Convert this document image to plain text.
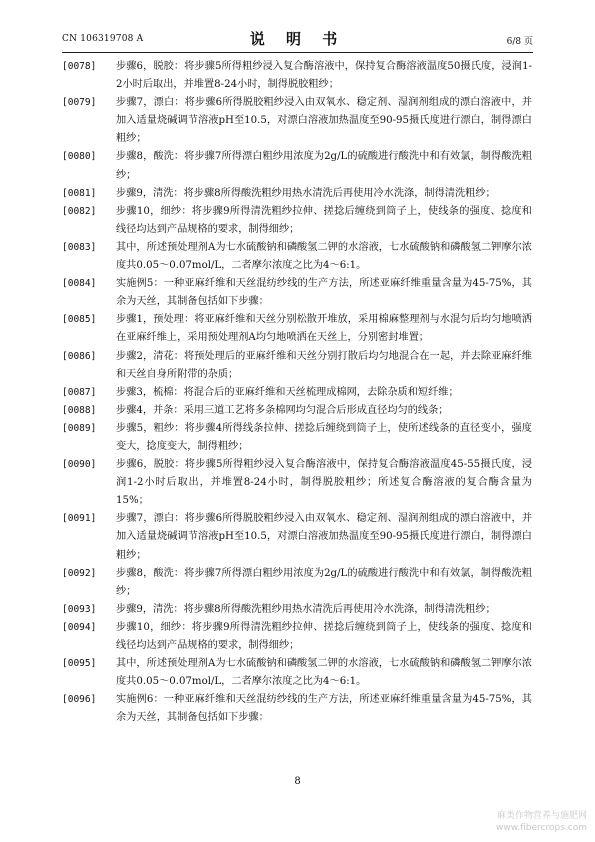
CN 106319708 A	说 明 书	6/8 页
[0078]	步骤6，脱胶：将步骤5所得粗纱浸入复合酶溶液中，保持复合酶溶液温度50摄氏度，浸润1-2小时后取出，并堆置8-24小时，制得脱胶粗纱；
[0079]	步骤7，漂白：将步骤6所得脱胶粗纱浸入由双氧水、稳定剂、湿润剂组成的漂白溶液中，并加入适量烧碱调节溶液pH至10.5，对漂白溶液加热温度至90-95摄氏度进行漂白，制得漂白粗纱；
[0080]	步骤8，酸洗：将步骤7所得漂白粗纱用浓度为2g/L的硫酸进行酸洗中和有效氯，制得酸洗粗纱；
[0081]	步骤9，清洗：将步骤8所得酸洗粗纱用热水清洗后再使用冷水洗涤，制得清洗粗纱；
[0082]	步骤10，细纱：将步骤9所得清洗粗纱拉伸、搓捻后缠绕到筒子上，使线条的强度、捻度和线径均达到产品规格的要求，制得细纱；
[0083]	其中，所述预处理剂A为七水硫酸钠和磷酸氢二钾的水溶液，七水硫酸钠和磷酸氢二钾摩尔浓度共0.05～0.07mol/L，二者摩尔浓度之比为4～6:1。
[0084]	实施例5：一种亚麻纤维和天丝混纺纱线的生产方法，所述亚麻纤维重量含量为45-75%，其余为天丝，其制备包括如下步骤：
[0085]	步骤1，预处理：将亚麻纤维和天丝分别松散开堆放，采用棉麻整理剂与水混匀后均匀地喷洒在亚麻纤维上，采用预处理剂A均匀地喷洒在天丝上，分别密封堆置；
[0086]	步骤2，清花：将预处理后的亚麻纤维和天丝分别打散后均匀地混合在一起，并去除亚麻纤维和天丝自身所附带的杂质；
[0087]	步骤3，梳棉：将混合后的亚麻纤维和天丝梳理成棉网，去除杂质和短纤维；
[0088]	步骤4，并条：采用三道工艺将多条棉网均匀混合后形成直径均匀的线条；
[0089]	步骤5，粗纱：将步骤4所得线条拉伸、搓捻后缠绕到筒子上，使所述线条的直径变小，强度变大，捻度变大，制得粗纱；
[0090]	步骤6，脱胶：将步骤5所得粗纱浸入复合酶溶液中，保持复合酶溶液温度45-55摄氏度，浸润1-2小时后取出，并堆置8-24小时，制得脱胶粗纱；所述复合酶溶液的复合酶含量为15%；
[0091]	步骤7，漂白：将步骤6所得脱胶粗纱浸入由双氧水、稳定剂、湿润剂组成的漂白溶液中，并加入适量烧碱调节溶液pH至10.5，对漂白溶液加热温度至90-95摄氏度进行漂白，制得漂白粗纱；
[0092]	步骤8，酸洗：将步骤7所得漂白粗纱用浓度为2g/L的硫酸进行酸洗中和有效氯，制得酸洗粗纱；
[0093]	步骤9，清洗：将步骤8所得酸洗粗纱用热水清洗后再使用冷水洗涤，制得清洗粗纱；
[0094]	步骤10，细纱：将步骤9所得清洗粗纱拉伸、搓捻后缠绕到筒子上，使线条的强度、捻度和线径均达到产品规格的要求，制得细纱；
[0095]	其中，所述预处理剂A为七水硫酸钠和磷酸氢二钾的水溶液，七水硫酸钠和磷酸氢二钾摩尔浓度共0.05～0.07mol/L，二者摩尔浓度之比为4～6:1。
[0096]	实施例6：一种亚麻纤维和天丝混纺纱线的生产方法，所述亚麻纤维重量含量为45-75%，其余为天丝，其制备包括如下步骤：
8
麻类作物营养与施肥网
www.fibercrops.com
